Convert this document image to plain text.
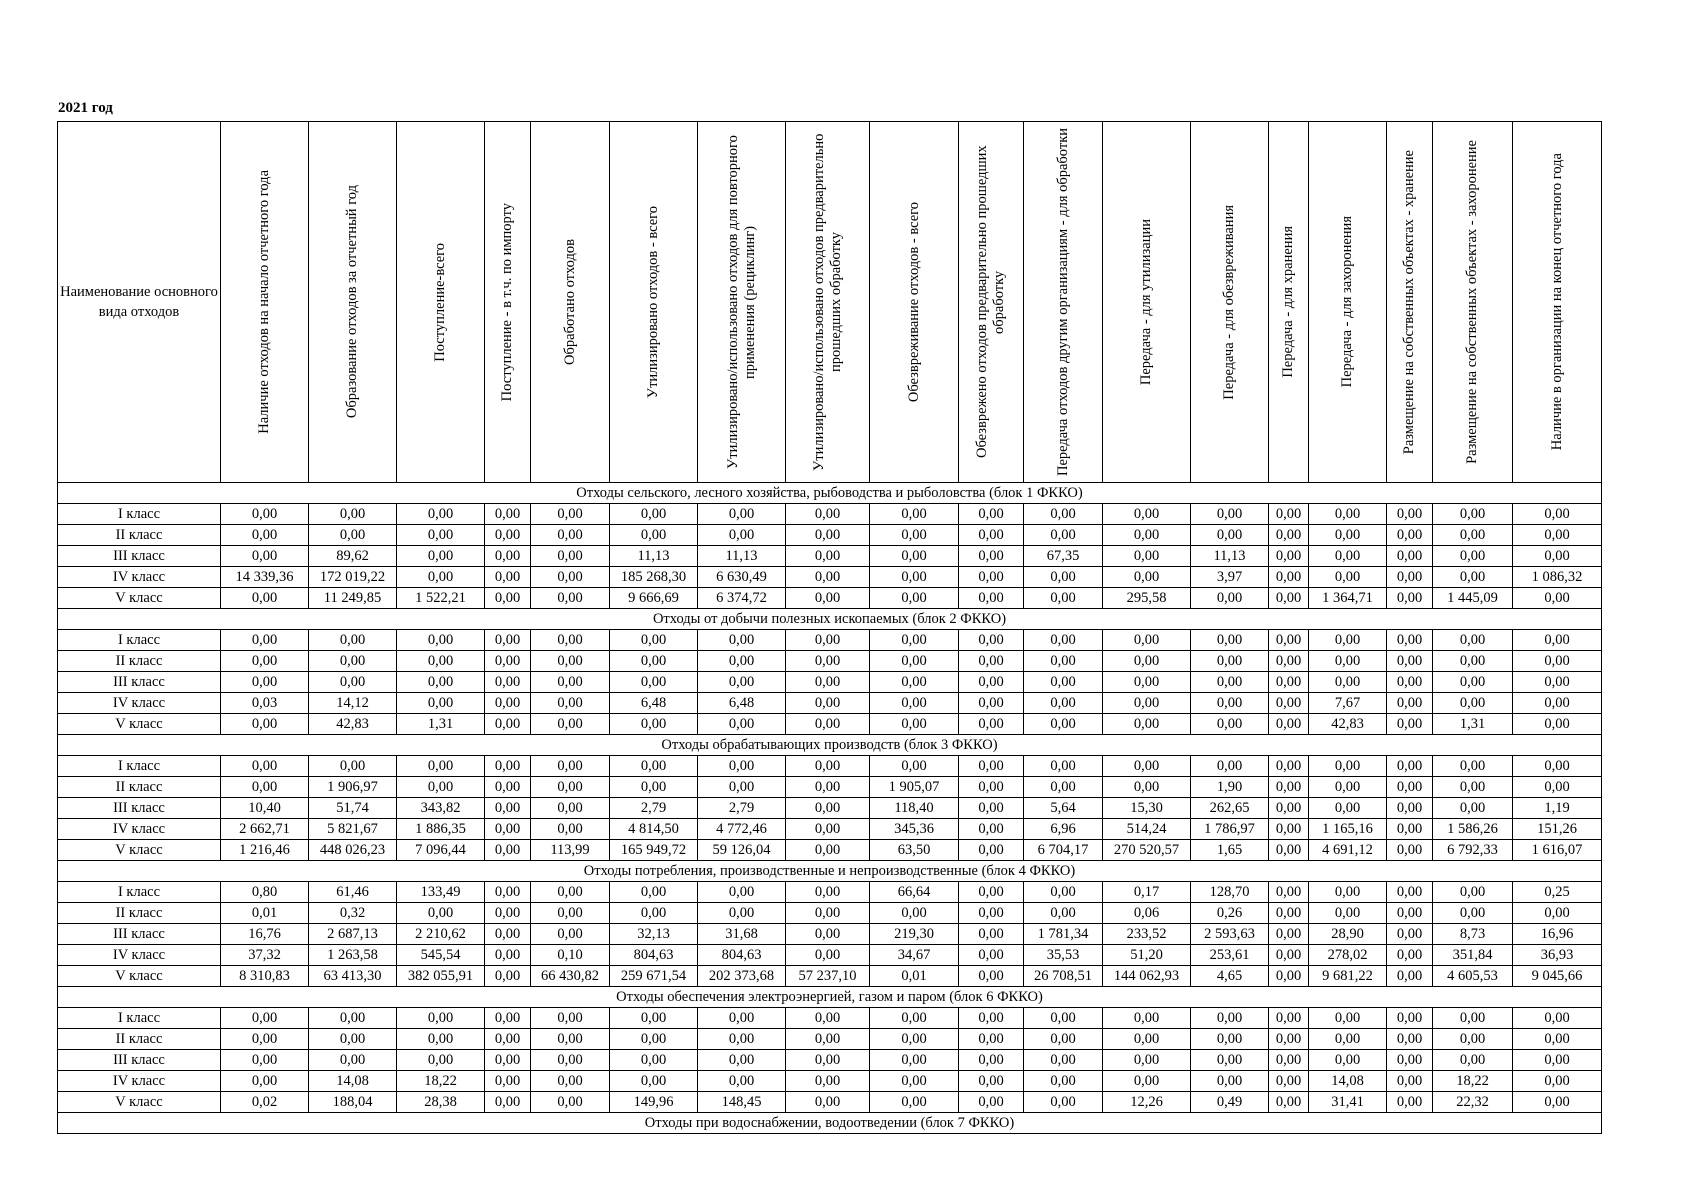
2021 год
Наименование основного вида отходов	Наличие отходов на начало отчетного года	Образование отходов за отчетный год	Поступление-всего	Поступление - в т.ч. по импорту	Обработано отходов	Утилизировано отходов - всего	Утилизировано/использовано отходов для повторного применения (рециклинг)	Утилизировано/использовано отходов предварительно прошедших обработку	Обезвреживание отходов - всего	Обезврежено отходов предварительно прошедших обработку	Передача отходов другим организациям - для обработки	Передача - для утилизации	Передача - для обезвреживания	Передача - для хранения	Передача - для захоронения	Размещение на собственных объектах - хранение	Размещение на собственных объектах - захоронение	Наличие в организации на конец отчетного года

Отходы сельского, лесного хозяйства, рыбоводства и рыболовства (блок 1 ФККО)																		
I класс	0,00	0,00	0,00	0,00	0,00	0,00	0,00	0,00	0,00	0,00	0,00	0,00	0,00	0,00	0,00	0,00	0,00	0,00
II класс	0,00	0,00	0,00	0,00	0,00	0,00	0,00	0,00	0,00	0,00	0,00	0,00	0,00	0,00	0,00	0,00	0,00	0,00
III класс	0,00	89,62	0,00	0,00	0,00	11,13	11,13	0,00	0,00	0,00	67,35	0,00	11,13	0,00	0,00	0,00	0,00	0,00
IV класс	14 339,36	172 019,22	0,00	0,00	0,00	185 268,30	6 630,49	0,00	0,00	0,00	0,00	0,00	3,97	0,00	0,00	0,00	0,00	1 086,32
V класс	0,00	11 249,85	1 522,21	0,00	0,00	9 666,69	6 374,72	0,00	0,00	0,00	0,00	295,58	0,00	0,00	1 364,71	0,00	1 445,09	0,00
Отходы от добычи полезных ископаемых (блок 2 ФККО)																		
I класс	0,00	0,00	0,00	0,00	0,00	0,00	0,00	0,00	0,00	0,00	0,00	0,00	0,00	0,00	0,00	0,00	0,00	0,00
II класс	0,00	0,00	0,00	0,00	0,00	0,00	0,00	0,00	0,00	0,00	0,00	0,00	0,00	0,00	0,00	0,00	0,00	0,00
III класс	0,00	0,00	0,00	0,00	0,00	0,00	0,00	0,00	0,00	0,00	0,00	0,00	0,00	0,00	0,00	0,00	0,00	0,00
IV класс	0,03	14,12	0,00	0,00	0,00	6,48	6,48	0,00	0,00	0,00	0,00	0,00	0,00	0,00	7,67	0,00	0,00	0,00
V класс	0,00	42,83	1,31	0,00	0,00	0,00	0,00	0,00	0,00	0,00	0,00	0,00	0,00	0,00	42,83	0,00	1,31	0,00
Отходы обрабатывающих производств (блок 3 ФККО)																		
I класс	0,00	0,00	0,00	0,00	0,00	0,00	0,00	0,00	0,00	0,00	0,00	0,00	0,00	0,00	0,00	0,00	0,00	0,00
II класс	0,00	1 906,97	0,00	0,00	0,00	0,00	0,00	0,00	1 905,07	0,00	0,00	0,00	1,90	0,00	0,00	0,00	0,00	0,00
III класс	10,40	51,74	343,82	0,00	0,00	2,79	2,79	0,00	118,40	0,00	5,64	15,30	262,65	0,00	0,00	0,00	0,00	1,19
IV класс	2 662,71	5 821,67	1 886,35	0,00	0,00	4 814,50	4 772,46	0,00	345,36	0,00	6,96	514,24	1 786,97	0,00	1 165,16	0,00	1 586,26	151,26
V класс	1 216,46	448 026,23	7 096,44	0,00	113,99	165 949,72	59 126,04	0,00	63,50	0,00	6 704,17	270 520,57	1,65	0,00	4 691,12	0,00	6 792,33	1 616,07
Отходы потребления, производственные и непроизводственные (блок 4 ФККО)																		
I класс	0,80	61,46	133,49	0,00	0,00	0,00	0,00	0,00	66,64	0,00	0,00	0,17	128,70	0,00	0,00	0,00	0,00	0,25
II класс	0,01	0,32	0,00	0,00	0,00	0,00	0,00	0,00	0,00	0,00	0,00	0,06	0,26	0,00	0,00	0,00	0,00	0,00
III класс	16,76	2 687,13	2 210,62	0,00	0,00	32,13	31,68	0,00	219,30	0,00	1 781,34	233,52	2 593,63	0,00	28,90	0,00	8,73	16,96
IV класс	37,32	1 263,58	545,54	0,00	0,10	804,63	804,63	0,00	34,67	0,00	35,53	51,20	253,61	0,00	278,02	0,00	351,84	36,93
V класс	8 310,83	63 413,30	382 055,91	0,00	66 430,82	259 671,54	202 373,68	57 237,10	0,01	0,00	26 708,51	144 062,93	4,65	0,00	9 681,22	0,00	4 605,53	9 045,66
Отходы обеспечения электроэнергией, газом и паром (блок 6 ФККО)																		
I класс	0,00	0,00	0,00	0,00	0,00	0,00	0,00	0,00	0,00	0,00	0,00	0,00	0,00	0,00	0,00	0,00	0,00	0,00
II класс	0,00	0,00	0,00	0,00	0,00	0,00	0,00	0,00	0,00	0,00	0,00	0,00	0,00	0,00	0,00	0,00	0,00	0,00
III класс	0,00	0,00	0,00	0,00	0,00	0,00	0,00	0,00	0,00	0,00	0,00	0,00	0,00	0,00	0,00	0,00	0,00	0,00
IV класс	0,00	14,08	18,22	0,00	0,00	0,00	0,00	0,00	0,00	0,00	0,00	0,00	0,00	0,00	14,08	0,00	18,22	0,00
V класс	0,02	188,04	28,38	0,00	0,00	149,96	148,45	0,00	0,00	0,00	0,00	12,26	0,49	0,00	31,41	0,00	22,32	0,00
Отходы при водоснабжении, водоотведении (блок 7 ФККО)																		
